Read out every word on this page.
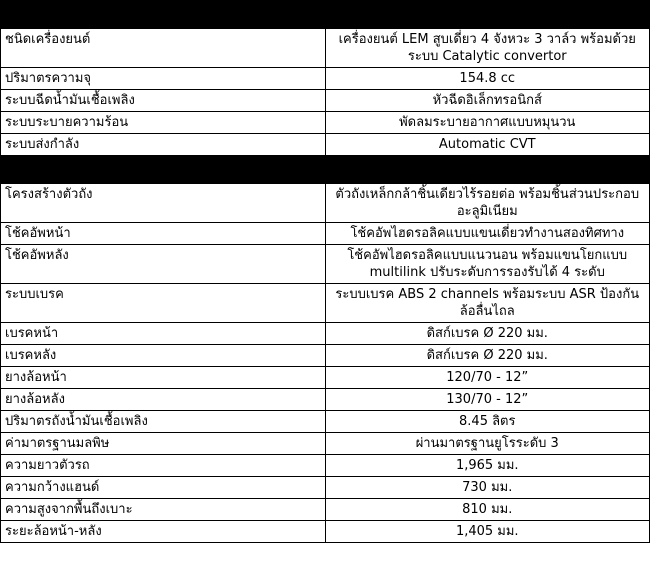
ชนิดเครื่องยนต์	เครื่องยนต์ LEM สูบเดี่ยว 4 จังหวะ 3 วาล์ว พร้อมด้วยระบบ Catalytic convertor
ปริมาตรความจุ	154.8 cc
ระบบฉีดน้ำมันเชื้อเพลิง	หัวฉีดอิเล็กทรอนิกส์
ระบบระบายความร้อน	พัดลมระบายอากาศแบบหมุนวน
ระบบส่งกำลัง	Automatic CVT

โครงสร้างตัวถัง	ตัวถังเหล็กกล้าชิ้นเดียวไร้รอยต่อ พร้อมชิ้นส่วนประกอบอะลูมิเนียม
โช้คอัพหน้า	โช้คอัพไฮดรอลิคแบบแขนเดี่ยวทำงานสองทิศทาง
โช้คอัพหลัง	โช้คอัพไฮดรอลิคแบบแนวนอน พร้อมแขนโยกแบบ multilink ปรับระดับการรองรับได้ 4 ระดับ
ระบบเบรค	ระบบเบรค ABS 2 channels พร้อมระบบ ASR ป้องกันล้อลื่นไถล
เบรคหน้า	ดิสก์เบรค Ø 220 มม.
เบรคหลัง	ดิสก์เบรค Ø 220 มม.
ยางล้อหน้า	120/70 - 12”
ยางล้อหลัง	130/70 - 12”
ปริมาตรถังน้ำมันเชื้อเพลิง	8.45 ลิตร
ค่ามาตรฐานมลพิษ	ผ่านมาตรฐานยูโรระดับ 3
ความยาวตัวรถ	1,965 มม.
ความกว้างแฮนด์	730 มม.
ความสูงจากพื้นถึงเบาะ	810 มม.
ระยะล้อหน้า-หลัง	1,405 มม.
